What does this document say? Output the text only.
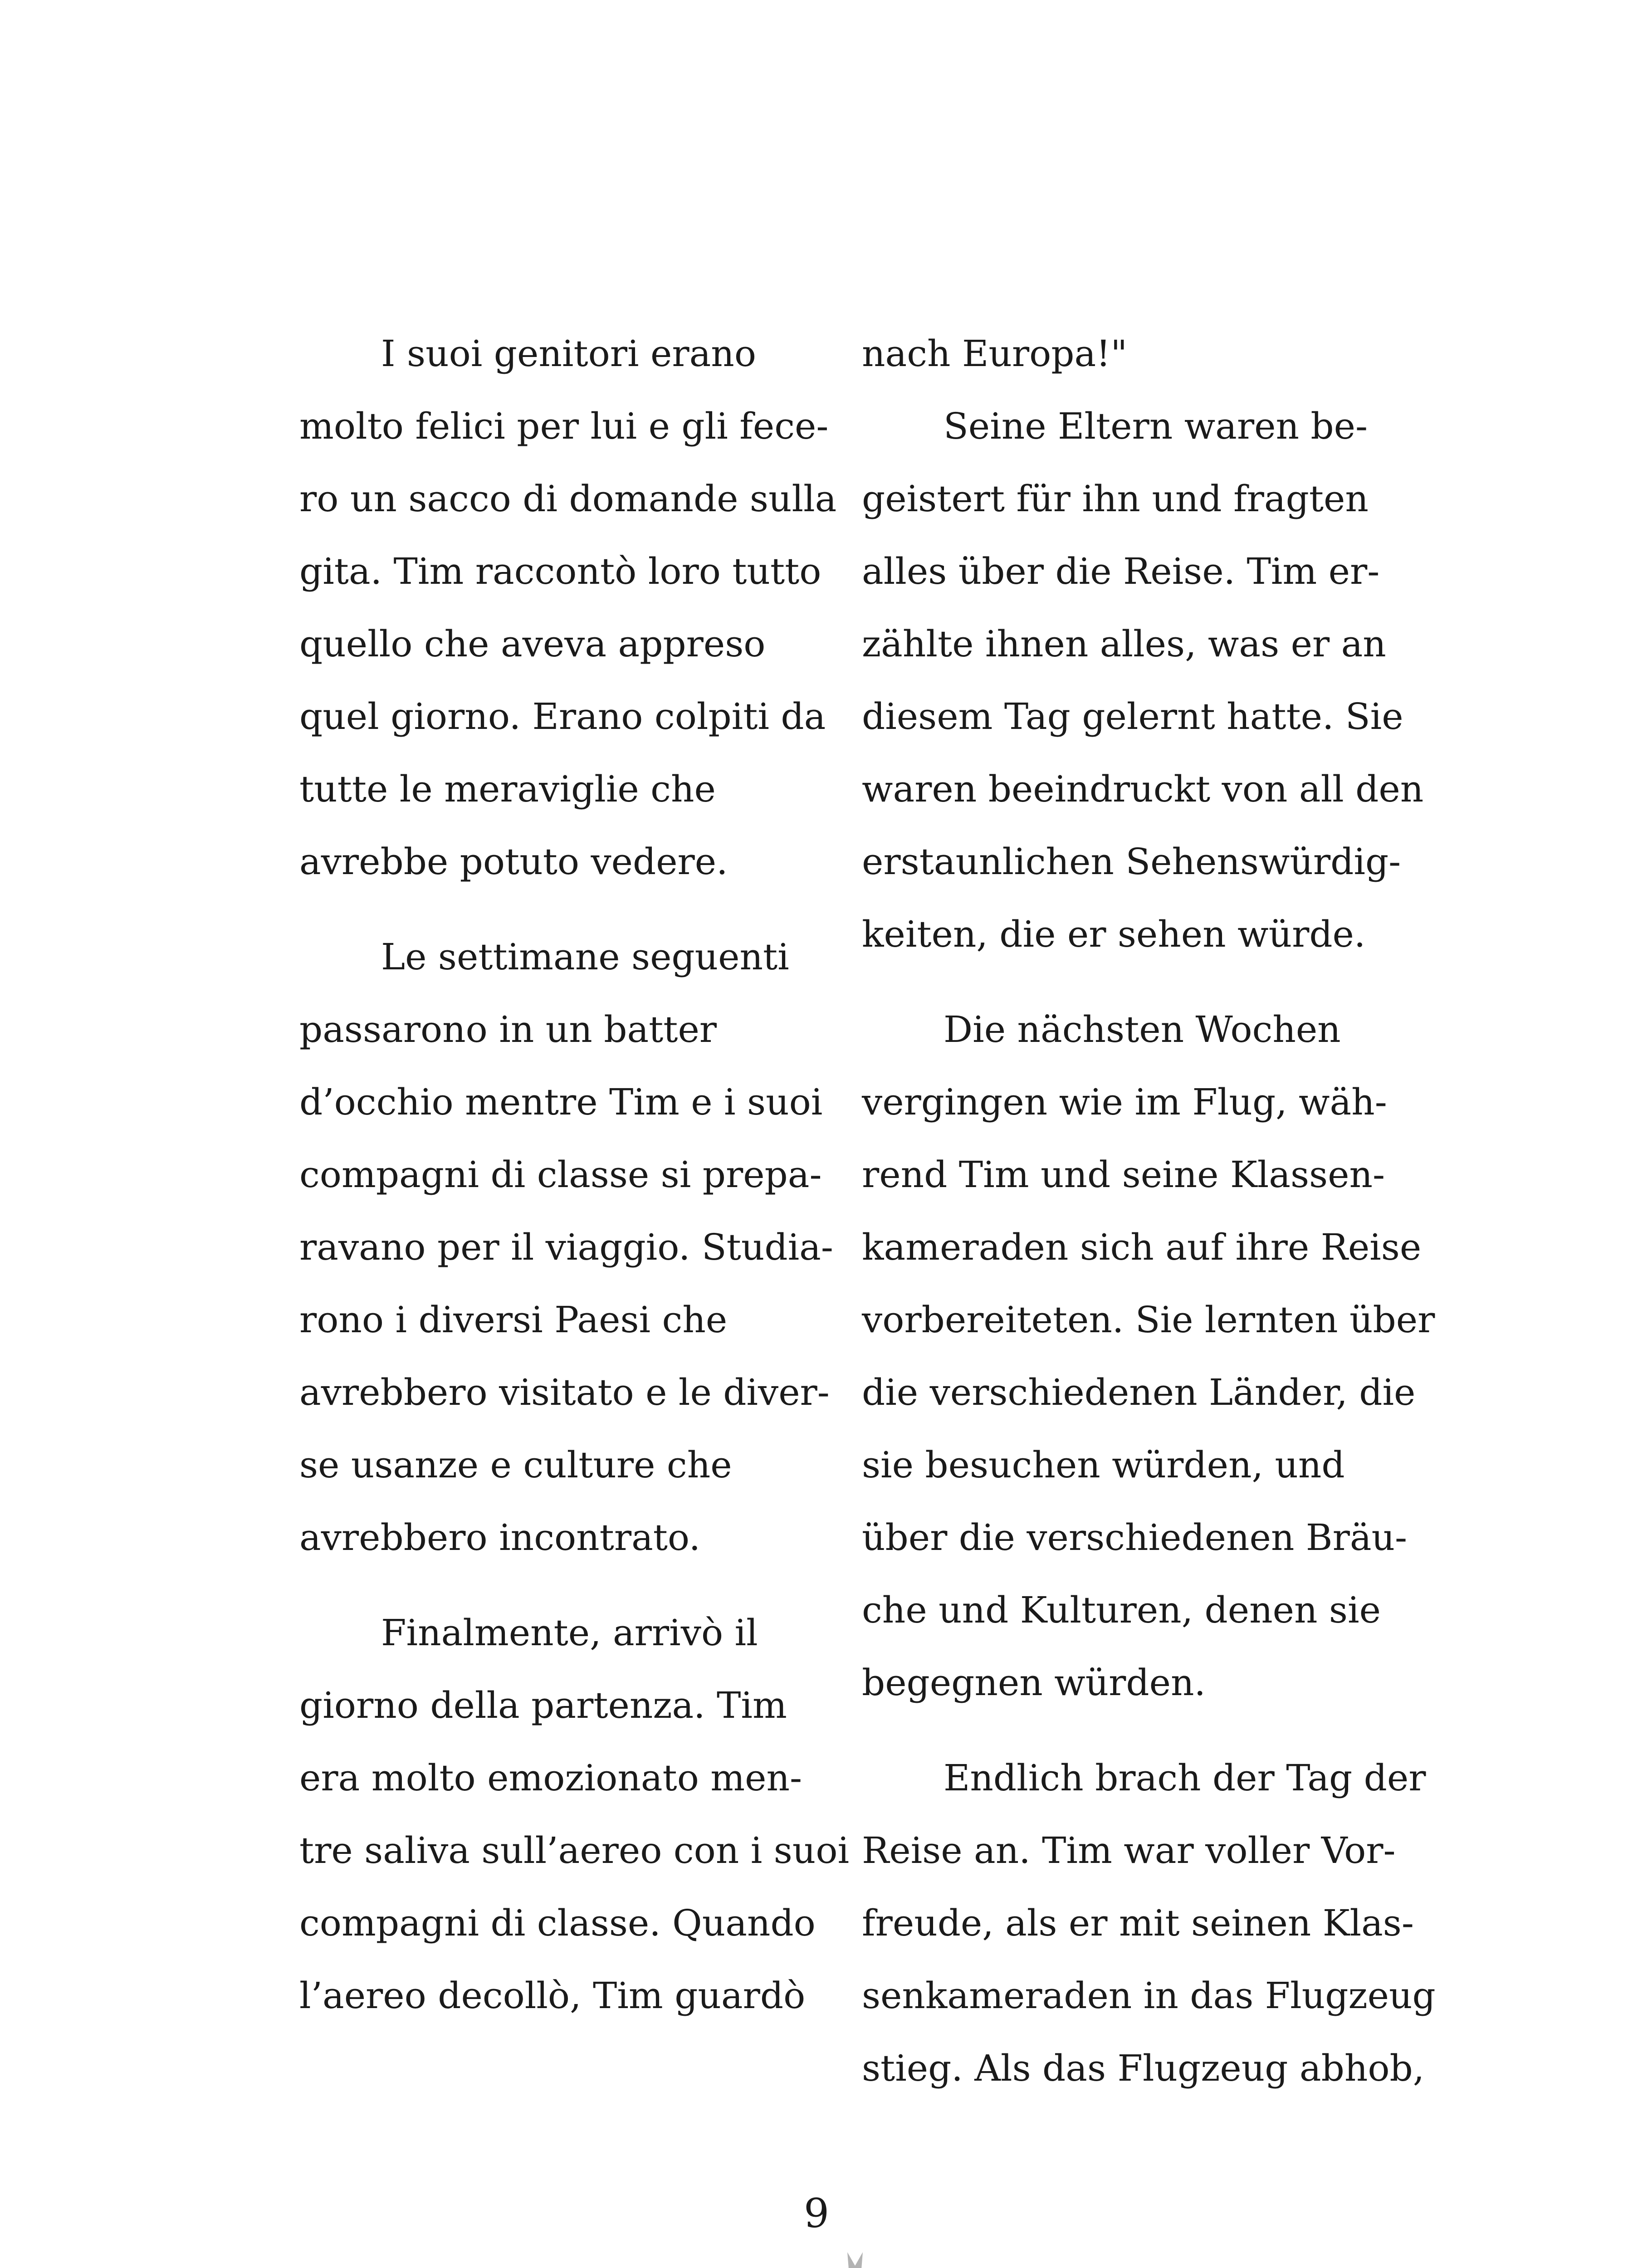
I suoi genitori erano
molto felici per lui e gli fece-
ro un sacco di domande sulla
gita. Tim raccontò loro tutto
quello che aveva appreso
quel giorno. Erano colpiti da
tutte le meraviglie che
avrebbe potuto vedere.
Le settimane seguenti
passarono in un batter
d’occhio mentre Tim e i suoi
compagni di classe si prepa-
ravano per il viaggio. Studia-
rono i diversi Paesi che
avrebbero visitato e le diver-
se usanze e culture che
avrebbero incontrato.
Finalmente, arrivò il
giorno della partenza. Tim
era molto emozionato men-
tre saliva sull’aereo con i suoi
compagni di classe. Quando
l’aereo decollò, Tim guardò
nach Europa!"
Seine Eltern waren be-
geistert für ihn und fragten
alles über die Reise. Tim er-
zählte ihnen alles, was er an
diesem Tag gelernt hatte. Sie
waren beeindruckt von all den
erstaunlichen Sehenswürdig-
keiten, die er sehen würde.
Die nächsten Wochen
vergingen wie im Flug, wäh-
rend Tim und seine Klassen-
kameraden sich auf ihre Reise
vorbereiteten. Sie lernten über
die verschiedenen Länder, die
sie besuchen würden, und
über die verschiedenen Bräu-
che und Kulturen, denen sie
begegnen würden.
Endlich brach der Tag der
Reise an. Tim war voller Vor-
freude, als er mit seinen Klas-
senkameraden in das Flugzeug
stieg. Als das Flugzeug abhob,
9
